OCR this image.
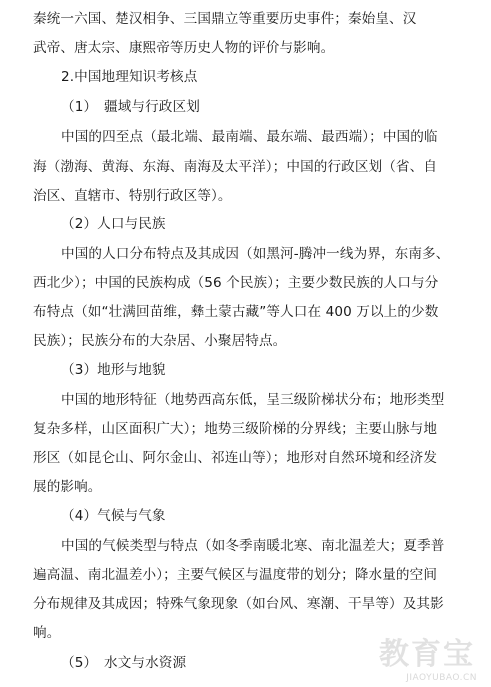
秦统一六国、楚汉相争、三国鼎立等重要历史事件；秦始皇、汉
武帝、唐太宗、康熙帝等历史人物的评价与影响。
2.中国地理知识考核点
（1）　疆域与行政区划
中国的四至点（最北端、最南端、最东端、最西端）；中国的临
海（渤海、黄海、东海、南海及太平洋）；中国的行政区划（省、自
治区、直辖市、特别行政区等）。
（2）人口与民族
中国的人口分布特点及其成因（如黑河-腾冲一线为界，东南多、
西北少）；中国的民族构成（56 个民族）；主要少数民族的人口与分
布特点（如“壮满回苗维，彝土蒙古藏”等人口在 400 万以上的少数
民族）；民族分布的大杂居、小聚居特点。
（3）地形与地貌
中国的地形特征（地势西高东低，呈三级阶梯状分布；地形类型
复杂多样，山区面积广大）；地势三级阶梯的分界线；主要山脉与地
形区（如昆仑山、阿尔金山、祁连山等）；地形对自然环境和经济发
展的影响。
（4）气候与气象
中国的气候类型与特点（如冬季南暖北寒、南北温差大；夏季普
遍高温、南北温差小）；主要气候区与温度带的划分；降水量的空间
分布规律及其成因；特殊气象现象（如台风、寒潮、干旱等）及其影
响。
（5）　水文与水资源	教育宝
JIAOYUBAO.CN
